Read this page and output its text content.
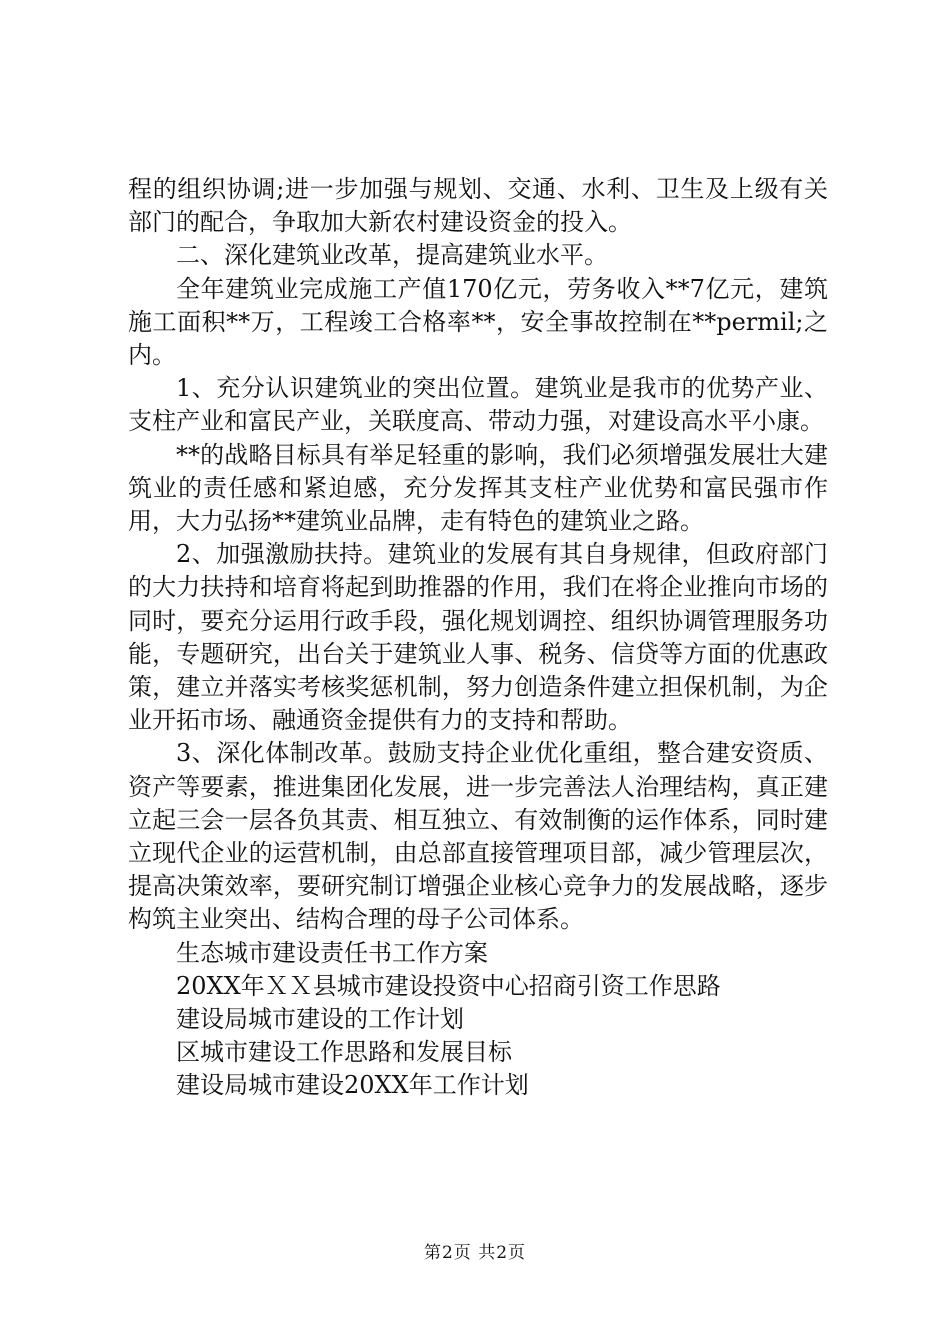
程的组织协调;进一步加强与规划、交通、水利、卫生及上级有关部门的配合，争取加大新农村建设资金的投入。

二、深化建筑业改革，提高建筑业水平。

全年建筑业完成施工产值170亿元，劳务收入**7亿元，建筑施工面积**万，工程竣工合格率**，安全事故控制在**permil;之内。

1、充分认识建筑业的突出位置。建筑业是我市的优势产业、支柱产业和富民产业，关联度高、带动力强，对建设高水平小康。

**的战略目标具有举足轻重的影响，我们必须增强发展壮大建筑业的责任感和紧迫感，充分发挥其支柱产业优势和富民强市作用，大力弘扬**建筑业品牌，走有特色的建筑业之路。

2、加强激励扶持。建筑业的发展有其自身规律，但政府部门的大力扶持和培育将起到助推器的作用，我们在将企业推向市场的同时，要充分运用行政手段，强化规划调控、组织协调管理服务功能，专题研究，出台关于建筑业人事、税务、信贷等方面的优惠政策，建立并落实考核奖惩机制，努力创造条件建立担保机制，为企业开拓市场、融通资金提供有力的支持和帮助。

3、深化体制改革。鼓励支持企业优化重组，整合建安资质、资产等要素，推进集团化发展，进一步完善法人治理结构，真正建立起三会一层各负其责、相互独立、有效制衡的运作体系，同时建立现代企业的运营机制，由总部直接管理项目部，减少管理层次，提高决策效率，要研究制订增强企业核心竞争力的发展战略，逐步构筑主业突出、结构合理的母子公司体系。

生态城市建设责任书工作方案
20XX年ＸＸ县城市建设投资中心招商引资工作思路
建设局城市建设的工作计划
区城市建设工作思路和发展目标
建设局城市建设20XX年工作计划
第2页 共2页
